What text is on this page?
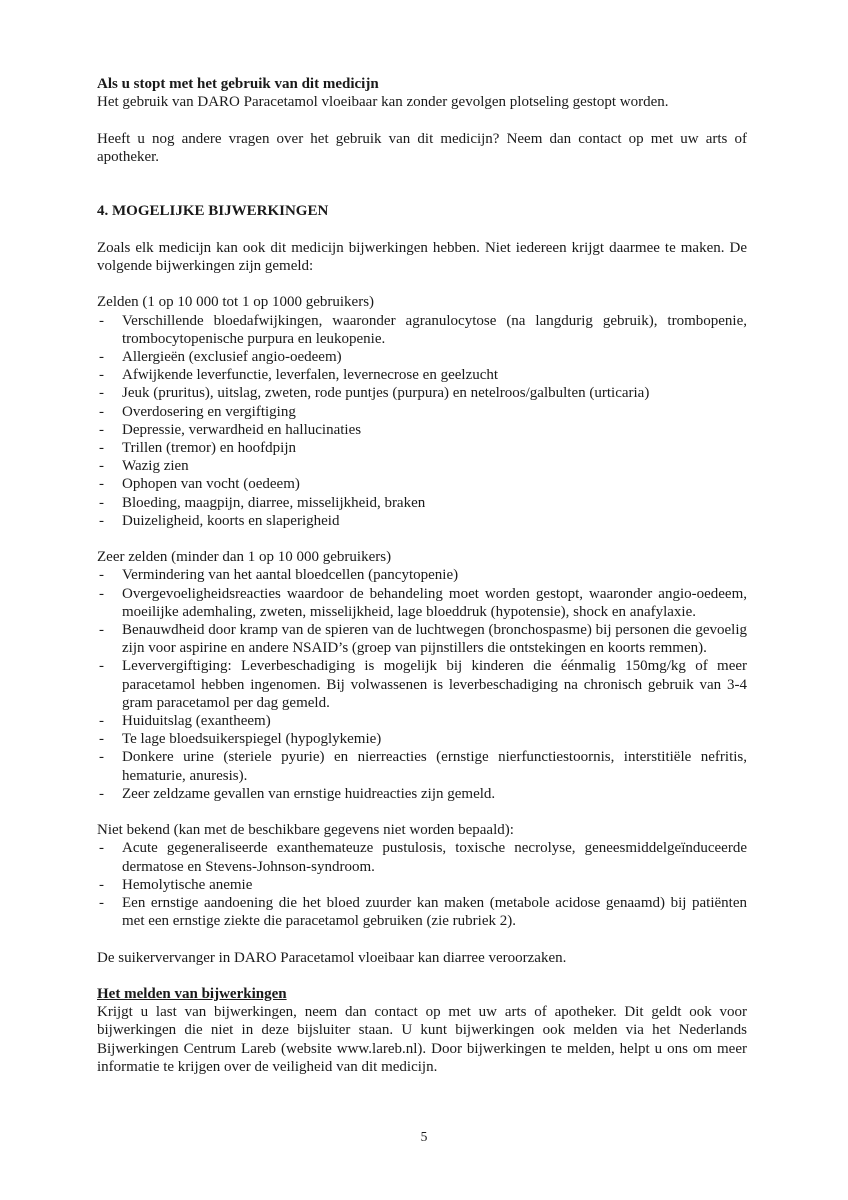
Als u stopt met het gebruik van dit medicijn

Het gebruik van DARO Paracetamol vloeibaar kan zonder gevolgen plotseling gestopt worden.

Heeft u nog andere vragen over het gebruik van dit medicijn? Neem dan contact op met uw arts of apotheker.

4. MOGELIJKE BIJWERKINGEN

Zoals elk medicijn kan ook dit medicijn bijwerkingen hebben. Niet iedereen krijgt daarmee te maken. De volgende bijwerkingen zijn gemeld:

Zelden (1 op 10 000 tot 1 op 1000 gebruikers)

- Verschillende bloedafwijkingen, waaronder agranulocytose (na langdurig gebruik), trombopenie, trombocytopenische purpura en leukopenie.
- Allergieën (exclusief angio-oedeem)
- Afwijkende leverfunctie, leverfalen, levernecrose en geelzucht
- Jeuk (pruritus), uitslag, zweten, rode puntjes (purpura) en netelroos/galbulten (urticaria)
- Overdosering en vergiftiging
- Depressie, verwardheid en hallucinaties
- Trillen (tremor) en hoofdpijn
- Wazig zien
- Ophopen van vocht (oedeem)
- Bloeding, maagpijn, diarree, misselijkheid, braken
- Duizeligheid, koorts en slaperigheid

Zeer zelden (minder dan 1 op 10 000 gebruikers)

- Vermindering van het aantal bloedcellen (pancytopenie)
- Overgevoeligheidsreacties waardoor de behandeling moet worden gestopt, waaronder angio-oedeem, moeilijke ademhaling, zweten, misselijkheid, lage bloeddruk (hypotensie), shock en anafylaxie.
- Benauwdheid door kramp van de spieren van de luchtwegen (bronchospasme) bij personen die gevoelig zijn voor aspirine en andere NSAID’s (groep van pijnstillers die ontstekingen en koorts remmen).
- Leververgiftiging: Leverbeschadiging is mogelijk bij kinderen die éénmalig 150mg/kg of meer paracetamol hebben ingenomen. Bij volwassenen is leverbeschadiging na chronisch gebruik van 3-4 gram paracetamol per dag gemeld.
- Huiduitslag (exantheem)
- Te lage bloedsuikerspiegel (hypoglykemie)
- Donkere urine (steriele pyurie) en nierreacties (ernstige nierfunctiestoornis, interstitiële nefritis, hematurie, anuresis).
- Zeer zeldzame gevallen van ernstige huidreacties zijn gemeld.

Niet bekend (kan met de beschikbare gegevens niet worden bepaald):

- Acute gegeneraliseerde exanthemateuze pustulosis, toxische necrolyse, geneesmiddelgeïnduceerde dermatose en Stevens-Johnson-syndroom.
- Hemolytische anemie
- Een ernstige aandoening die het bloed zuurder kan maken (metabole acidose genaamd) bij patiënten met een ernstige ziekte die paracetamol gebruiken (zie rubriek 2).

De suikervervanger in DARO Paracetamol vloeibaar kan diarree veroorzaken.

Het melden van bijwerkingen

Krijgt u last van bijwerkingen, neem dan contact op met uw arts of apotheker. Dit geldt ook voor bijwerkingen die niet in deze bijsluiter staan. U kunt bijwerkingen ook melden via het Nederlands Bijwerkingen Centrum Lareb (website www.lareb.nl). Door bijwerkingen te melden, helpt u ons om meer informatie te krijgen over de veiligheid van dit medicijn.

5
